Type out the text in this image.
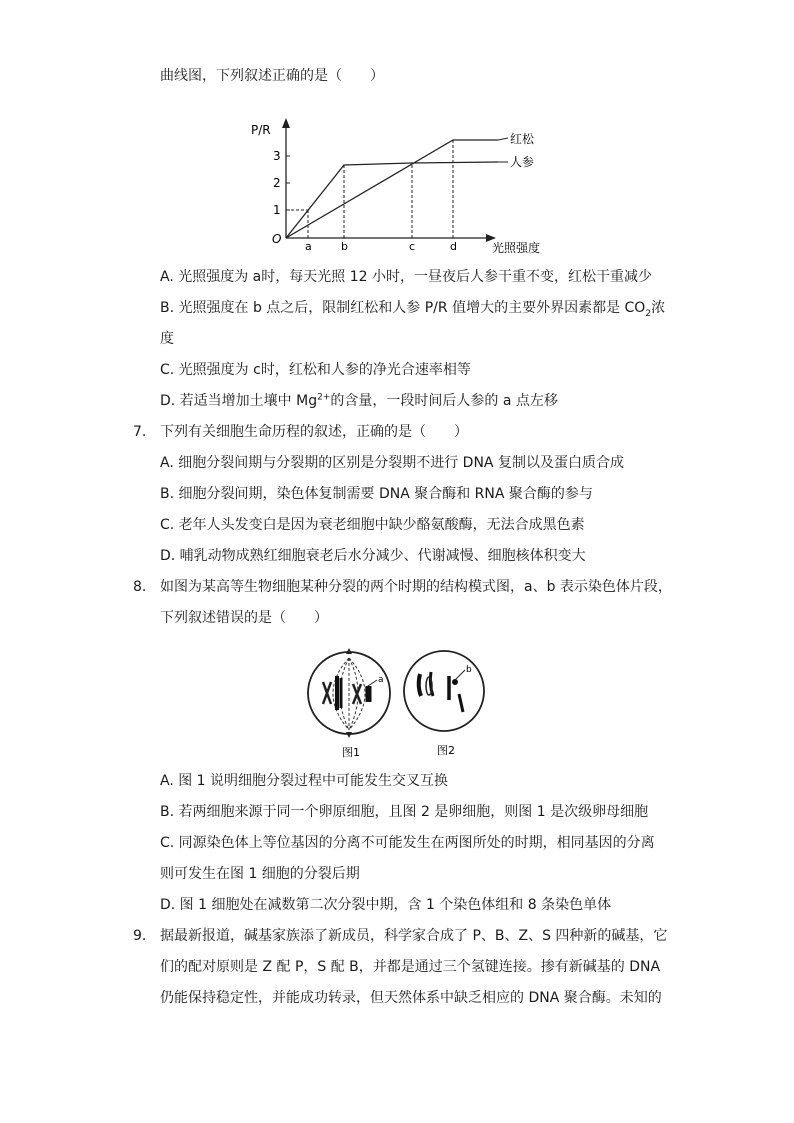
曲线图，下列叙述正确的是（　　）
P/R
3
2
1
O
红松
人参
a	b	c	d	光照强度
A. 光照强度为 a时，每天光照 12 小时，一昼夜后人参干重不变，红松干重减少
B. 光照强度在 b 点之后，限制红松和人参 P/R 值增大的主要外界因素都是 $CO_2$浓
度
C. 光照强度为 c时，红松和人参的净光合速率相等
D. 若适当增加土壤中 $Mg^{2+}$的含量，一段时间后人参的 a 点左移
7. 下列有关细胞生命历程的叙述，正确的是（　　）
A. 细胞分裂间期与分裂期的区别是分裂期不进行 DNA 复制以及蛋白质合成
B. 细胞分裂间期，染色体复制需要 DNA 聚合酶和 RNA 聚合酶的参与
C. 老年人头发变白是因为衰老细胞中缺少酪氨酸酶，无法合成黑色素
D. 哺乳动物成熟红细胞衰老后水分减少、代谢减慢、细胞核体积变大
8. 如图为某高等生物细胞某种分裂的两个时期的结构模式图，a、b 表示染色体片段，
下列叙述错误的是（　　）
a
图1
b
图2
A. 图 1 说明细胞分裂过程中可能发生交叉互换
B. 若两细胞来源于同一个卵原细胞，且图 2 是卵细胞，则图 1 是次级卵母细胞
C. 同源染色体上等位基因的分离不可能发生在两图所处的时期，相同基因的分离
则可发生在图 1 细胞的分裂后期
D. 图 1 细胞处在减数第二次分裂中期，含 1 个染色体组和 8 条染色单体
9. 据最新报道，碱基家族添了新成员，科学家合成了 P、B、Z、S 四种新的碱基，它
们的配对原则是 Z 配 P，S 配 B，并都是通过三个氢键连接。掺有新碱基的 DNA
仍能保持稳定性，并能成功转录，但天然体系中缺乏相应的 DNA 聚合酶。未知的
